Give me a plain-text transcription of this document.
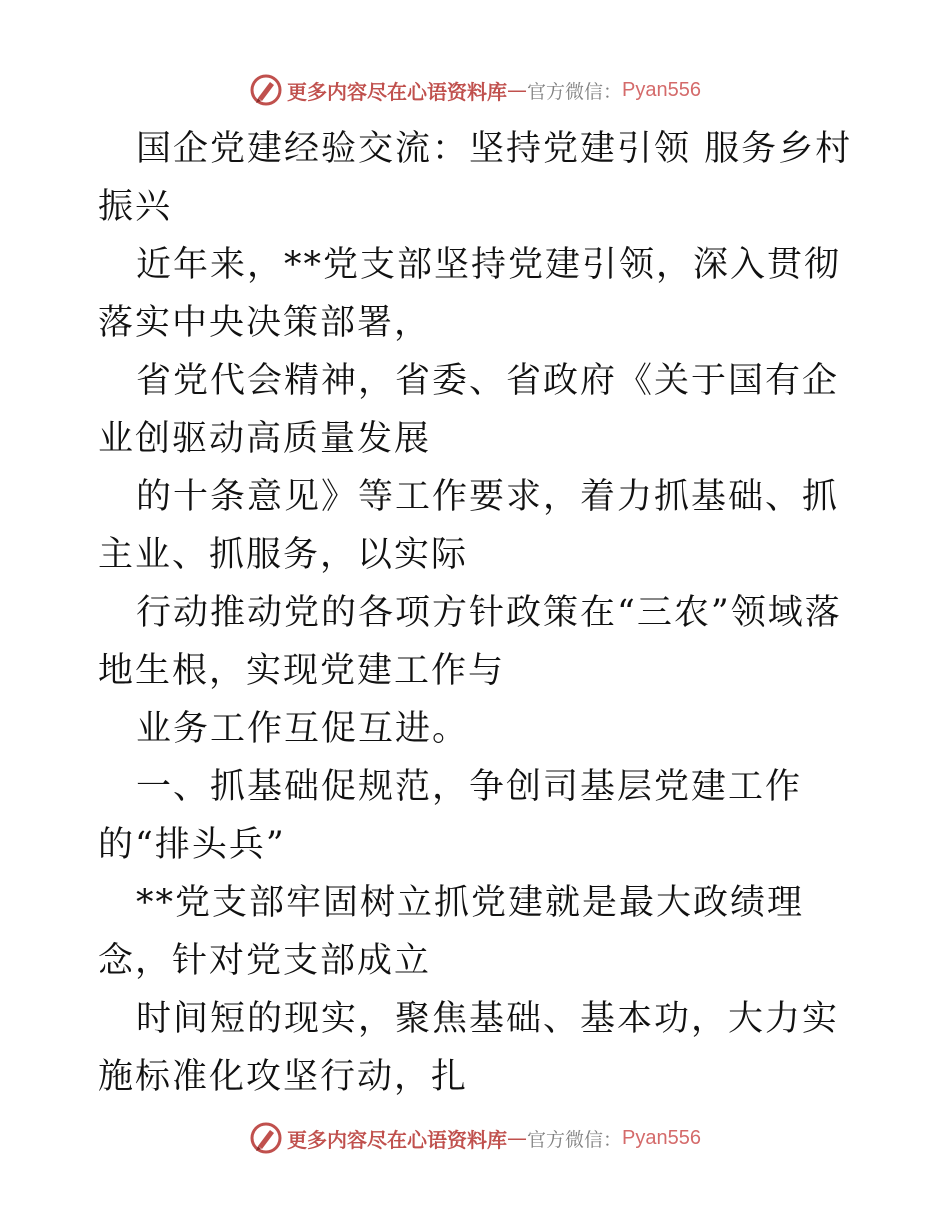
更多内容尽在心语资料库 — 官方微信： Pyan556

国企党建经验交流：坚持党建引领 服务乡村振兴

近年来，**党支部坚持党建引领，深入贯彻落实中央决策部署，

省党代会精神，省委、省政府《关于国有企业创驱动高质量发展

的十条意见》等工作要求，着力抓基础、抓主业、抓服务，以实际

行动推动党的各项方针政策在“三农”领域落地生根，实现党建工作与

业务工作互促互进。

一、抓基础促规范，争创司基层党建工作的“排头兵”

**党支部牢固树立抓党建就是最大政绩理念，针对党支部成立

时间短的现实，聚焦基础、基本功，大力实施标准化攻坚行动，扎

更多内容尽在心语资料库 — 官方微信： Pyan556
